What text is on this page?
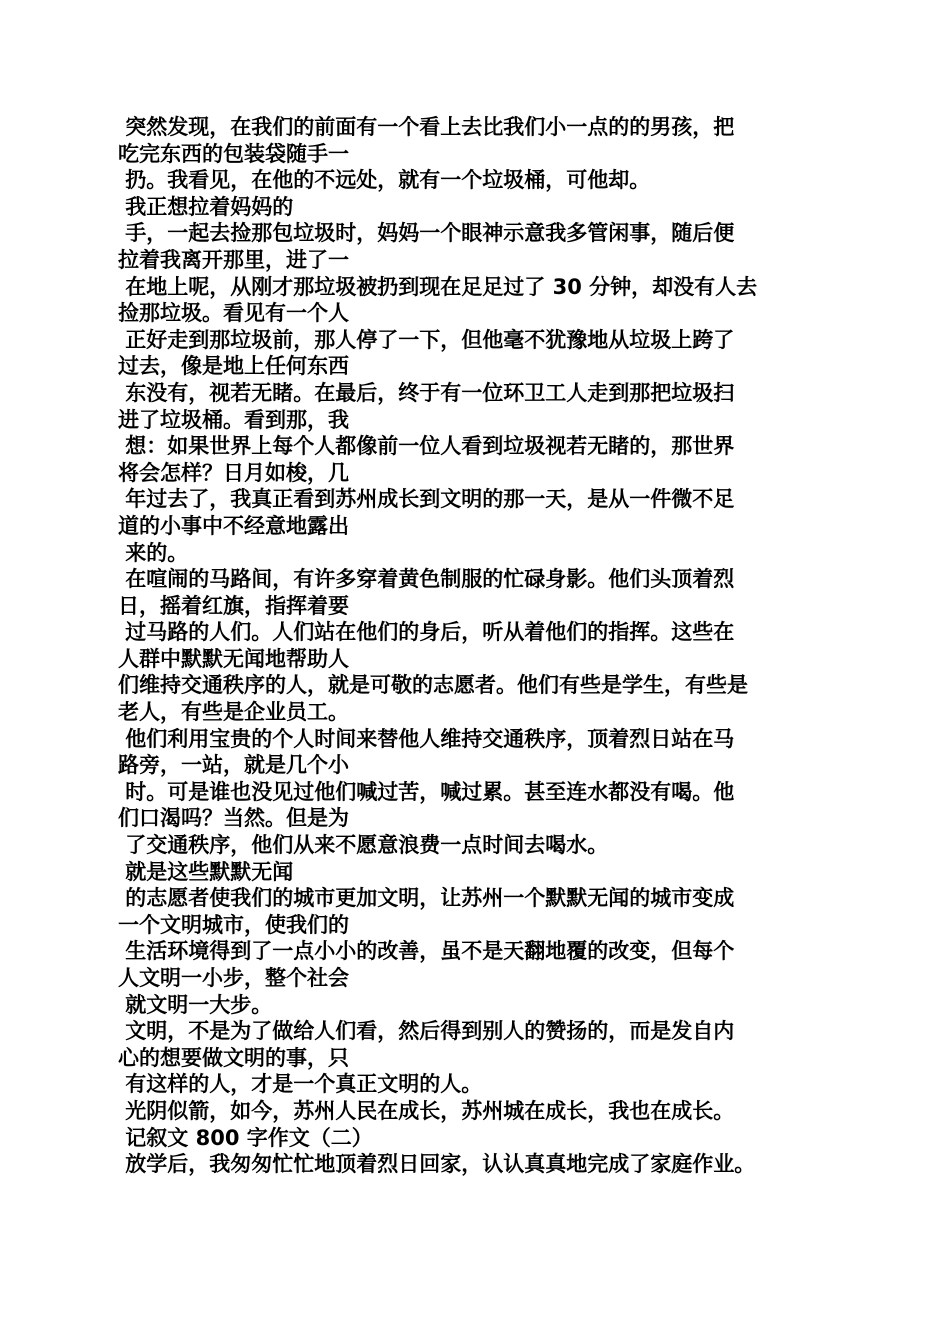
突然发现，在我们的前面有一个看上去比我们小一点的的男孩，把

吃完东西的包装袋随手一

扔。我看见，在他的不远处，就有一个垃圾桶，可他却。

我正想拉着妈妈的

手，一起去捡那包垃圾时，妈妈一个眼神示意我多管闲事，随后便

拉着我离开那里，进了一

在地上呢，从刚才那垃圾被扔到现在足足过了 30 分钟，却没有人去

捡那垃圾。看见有一个人

正好走到那垃圾前，那人停了一下，但他毫不犹豫地从垃圾上跨了

过去，像是地上任何东西

东没有，视若无睹。在最后，终于有一位环卫工人走到那把垃圾扫

进了垃圾桶。看到那，我

想：如果世界上每个人都像前一位人看到垃圾视若无睹的，那世界

将会怎样？日月如梭，几

年过去了，我真正看到苏州成长到文明的那一天，是从一件微不足

道的小事中不经意地露出

来的。

在喧闹的马路间，有许多穿着黄色制服的忙碌身影。他们头顶着烈

日，摇着红旗，指挥着要

过马路的人们。人们站在他们的身后，听从着他们的指挥。这些在

人群中默默无闻地帮助人

们维持交通秩序的人，就是可敬的志愿者。他们有些是学生，有些是

老人，有些是企业员工。

他们利用宝贵的个人时间来替他人维持交通秩序，顶着烈日站在马

路旁，一站，就是几个小

时。可是谁也没见过他们喊过苦，喊过累。甚至连水都没有喝。他

们口渴吗？当然。但是为

了交通秩序，他们从来不愿意浪费一点时间去喝水。

就是这些默默无闻

的志愿者使我们的城市更加文明，让苏州一个默默无闻的城市变成

一个文明城市，使我们的

生活环境得到了一点小小的改善，虽不是天翻地覆的改变，但每个

人文明一小步，整个社会

就文明一大步。

文明，不是为了做给人们看，然后得到别人的赞扬的，而是发自内

心的想要做文明的事，只

有这样的人，才是一个真正文明的人。

光阴似箭，如今，苏州人民在成长，苏州城在成长，我也在成长。

记叙文 800 字作文（二）

放学后，我匆匆忙忙地顶着烈日回家，认认真真地完成了家庭作业。
